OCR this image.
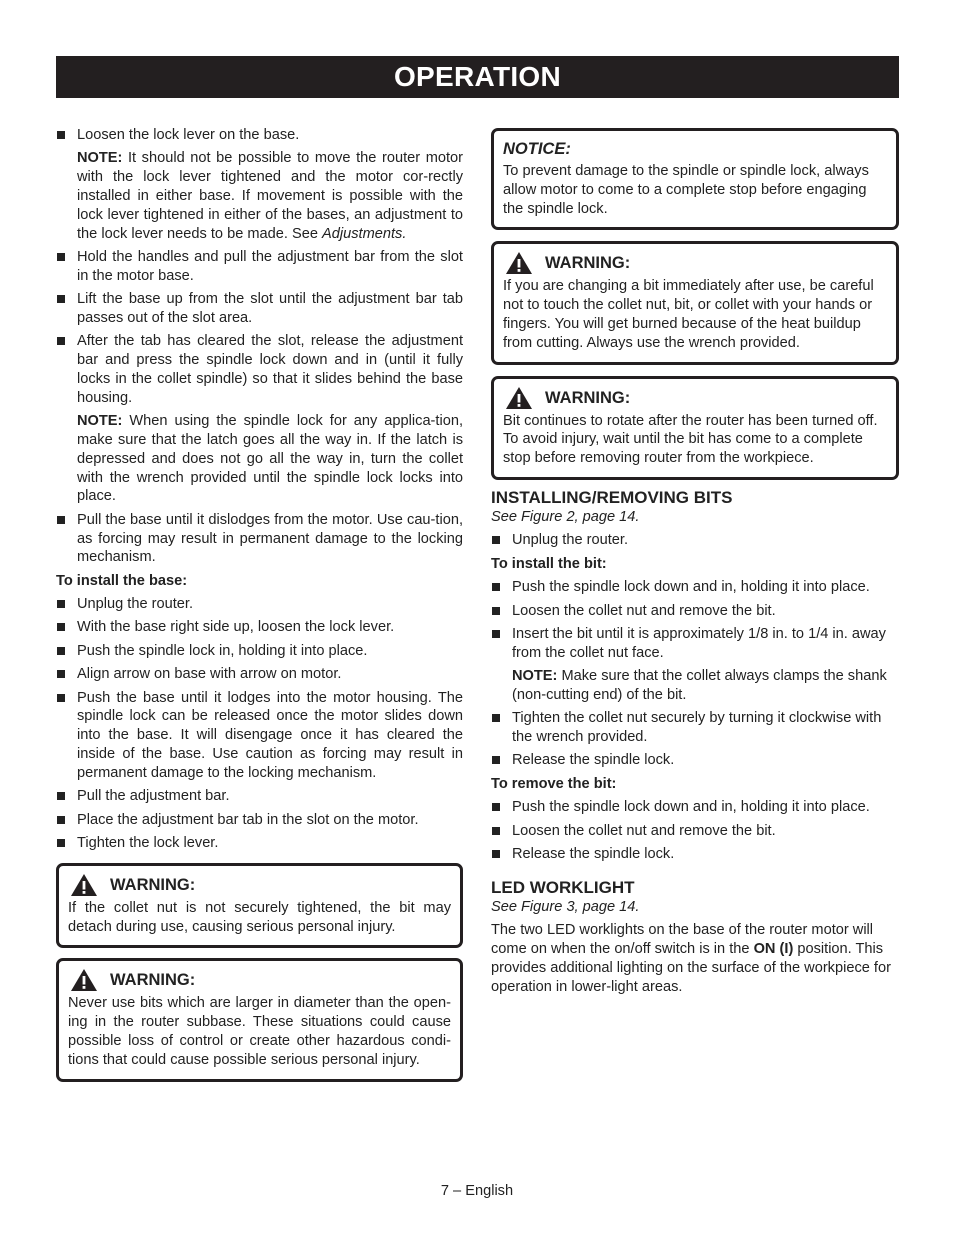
OPERATION

Loosen the lock lever on the base.

NOTE: It should not be possible to move the router motor with the lock lever tightened and the motor cor-rectly installed in either base. If movement is possible with the lock lever tightened in either of the bases, an adjustment to the lock lever needs to be made. See Adjustments.

Hold the handles and pull the adjustment bar from the slot in the motor base.

Lift the base up from the slot until the adjustment bar tab passes out of the slot area.

After the tab has cleared the slot, release the adjustment bar and press the spindle lock down and in (until it fully locks in the collet spindle) so that it slides behind the base housing.

NOTE: When using the spindle lock for any applica-tion, make sure that the latch goes all the way in. If the latch is depressed and does not go all the way in, turn the collet with the wrench provided until the spindle lock locks into place.

Pull the base until it dislodges from the motor. Use cau-tion, as forcing may result in permanent damage to the locking mechanism.

To install the base:

Unplug the router.

With the base right side up, loosen the lock lever.

Push the spindle lock in, holding it into place.

Align arrow on base with arrow on motor.

Push the base until it lodges into the motor housing. The spindle lock can be released once the motor slides down into the base. It will disengage once it has cleared the inside of the base. Use caution as forcing may result in permanent damage to the locking mechanism.

Pull the adjustment bar.

Place the adjustment bar tab in the slot on the motor.

Tighten the lock lever.

WARNING:

If the collet nut is not securely tightened, the bit may detach during use, causing serious personal injury.

WARNING:

Never use bits which are larger in diameter than the open-ing in the router subbase. These situations could cause possible loss of control or create other hazardous condi-tions that could cause possible serious personal injury.

NOTICE:

To prevent damage to the spindle or spindle lock, always allow motor to come to a complete stop before engaging the spindle lock.

WARNING:

If you are changing a bit immediately after use, be careful not to touch the collet nut, bit, or collet with your hands or fingers. You will get burned because of the heat buildup from cutting. Always use the wrench provided.

WARNING:

Bit continues to rotate after the router has been turned off. To avoid injury, wait until the bit has come to a complete stop before removing router from the workpiece.

INSTALLING/REMOVING BITS

See Figure 2, page 14.

Unplug the router.

To install the bit:

Push the spindle lock down and in, holding it into place.

Loosen the collet nut and remove the bit.

Insert the bit until it is approximately 1/8 in. to 1/4 in. away from the collet nut face.

NOTE: Make sure that the collet always clamps the shank (non-cutting end) of the bit.

Tighten the collet nut securely by turning it clockwise with the wrench provided.

Release the spindle lock.

To remove the bit:

Push the spindle lock down and in, holding it into place.

Loosen the collet nut and remove the bit.

Release the spindle lock.

LED WORKLIGHT

See Figure 3, page 14.

The two LED worklights on the base of the router motor will come on when the on/off switch is in the ON (I) position. This provides additional lighting on the surface of the workpiece for operation in lower-light areas.

7 – English
